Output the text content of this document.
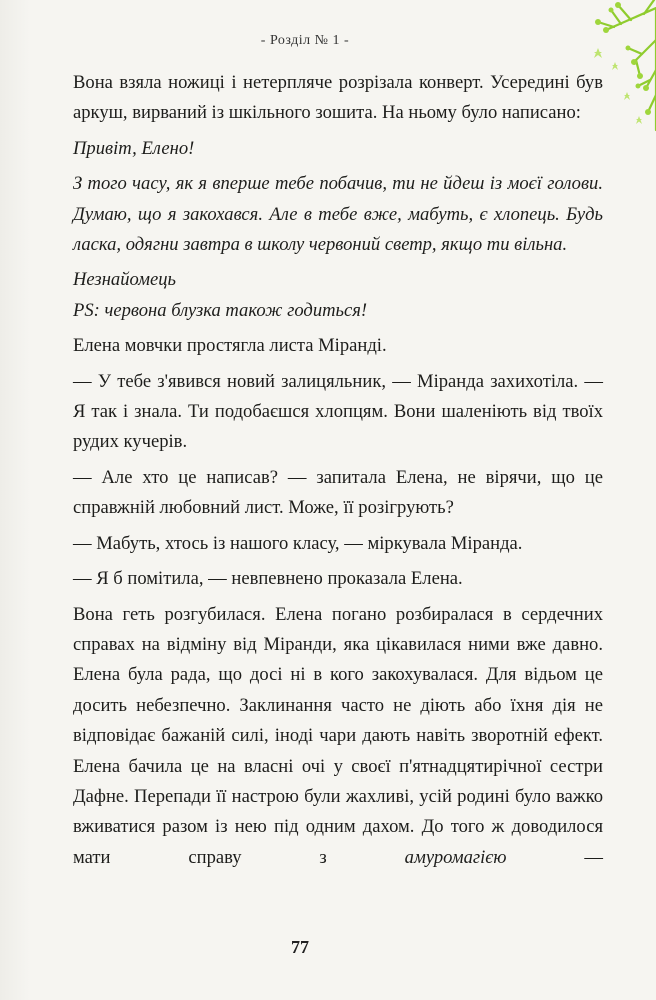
- Розділ № 1 -

Вона взяла ножиці і нетерпляче розрізала конверт. Усередині був аркуш, вирваний із шкільного зошита. На ньому було написано:

Привіт, Елено!

З того часу, як я вперше тебе побачив, ти не йдеш із моєї голови. Думаю, що я закохався. Але в тебе вже, мабуть, є хлопець. Будь ласка, одягни завтра в школу червоний светр, якщо ти вільна.

Незнайомець

PS: червона блузка також годиться!

Елена мовчки простягла листа Міранді.

— У тебе з'явився новий залицяльник, — Міранда захихотіла. — Я так і знала. Ти подобаєшся хлопцям. Вони шаленіють від твоїх рудих кучерів.

— Але хто це написав? — запитала Елена, не вірячи, що це справжній любовний лист. Може, її розігрують?

— Мабуть, хтось із нашого класу, — міркувала Міранда.

— Я б помітила, — невпевнено проказала Елена.

Вона геть розгубилася. Елена погано розбиралася в сердечних справах на відміну від Міранди, яка цікавилася ними вже давно. Елена була рада, що досі ні в кого закохувалася. Для відьом це досить небезпечно. Заклинання часто не діють або їхня дія не відповідає бажаній силі, іноді чари дають навіть зворотній ефект. Елена бачила це на власні очі у своєї п'ятнадцятирічної сестри Дафне. Перепади її настрою були жахливі, усій родині було важко вживатися разом із нею під одним дахом. До того ж доводилося мати справу з амуромагією —

77
